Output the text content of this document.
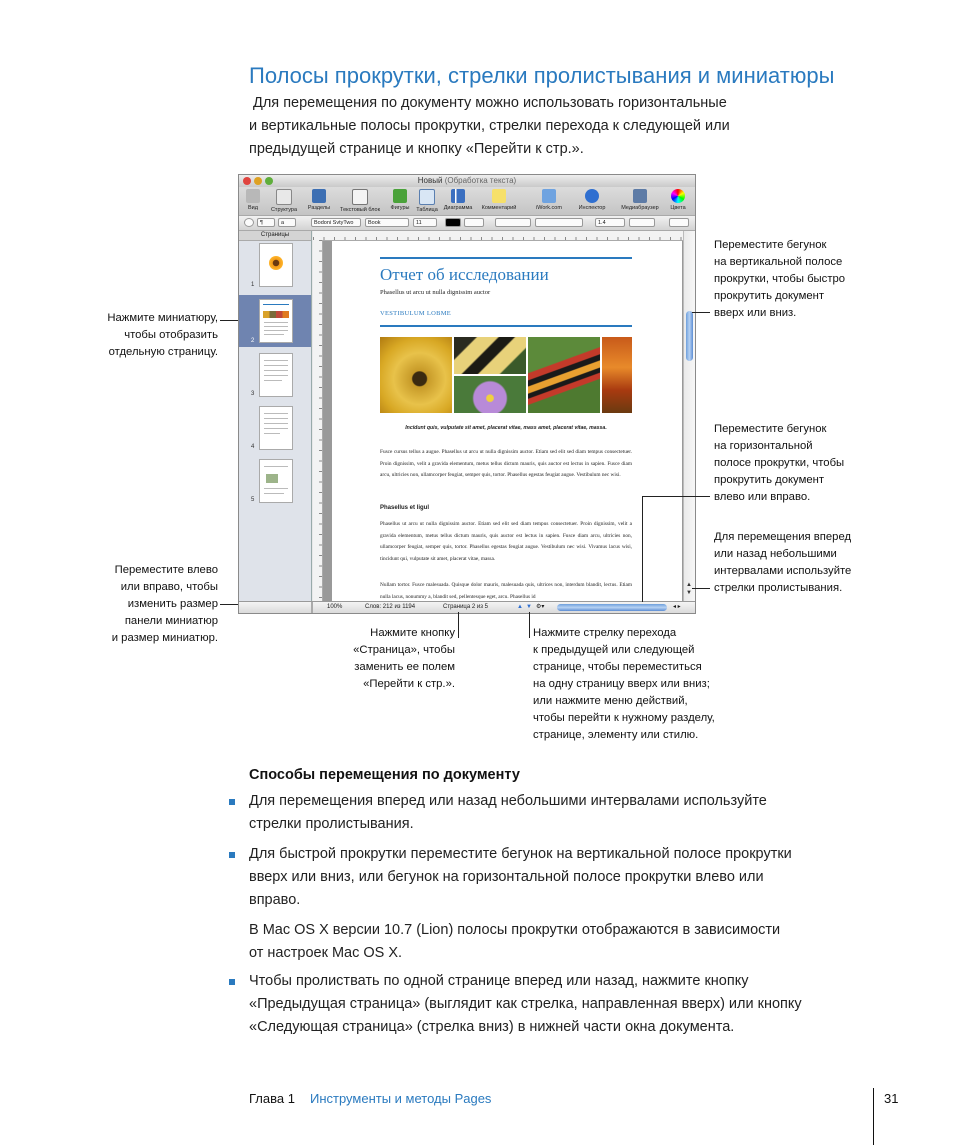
Полосы прокрутки, стрелки пролистывания и миниатюры

Для перемещения по документу можно использовать горизонтальные

и вертикальные полосы прокрутки, стрелки перехода к следующей или

предыдущей странице и кнопку «Перейти к стр.».

Новый (Обработка текста)
Вид	Структура	Разделы	Текстовый блок	Фигуры	Таблица	Диаграмма	Комментарий	iWork.com	Инспектор	Медиабраузер	Цвета
¶	a	Bodoni SvtyTwo	Book	11	1.4
Страницы
1
2
3
4
5
Отчет об исследовании
Phasellus ut arcu ut nulla dignissim auctor
VESTIBULUM LOBME
Incidunt quis, vulputate sit amet, placerat vitae, mass amet, placerat vitae, massa.
Fusce cursus tellus a augue. Phasellus ut arcu ut nulla dignissim auctor. Etiam sed elit sed diam tempus consectetuer. Proin dignissim, velit a gravida elementum, metus tellus dictum mauris, quis auctor est lectus in sapien. Fusce diam arcu, ultricies non, ullamcorper feugiat, semper quis, tortor. Phasellus egestas feugiat augue. Vestibulum nec wisi.
Phasellus et ligul
Phasellus ut arcu ut nulla dignissim auctor. Etiam sed elit sed diam tempus consectetuer. Proin dignissim, velit a gravida elementum, metus tellus dictum mauris, quis auctor est lectus in sapien. Fusce diam arcu, ultricies non, ullamcorper feugiat, semper quis, tortor. Phasellus egestas feugiat augue. Vestibulum nec wisi. Vivamus lacus wisi, tincidunt qui, vulputate sit amet, placerat vitae, massa.
Nullam tortor. Fusce malesuada. Quisque dolor mauris, malesuada quis, ultrices non, interdum blandit, lectus. Etiam nulla lacus, nonummy a, blandit sed, pellentesque eget, arcu. Phasellus id
▲
▼
100%	Слов: 212 из 1194	Страница 2 из 5	▲ ▼ ⚙▾	◂ ▸

Нажмите миниатюру,

чтобы отобразить

отдельную страницу.

Переместите влево

или вправо, чтобы

изменить размер

панели миниатюр

и размер миниатюр.	Нажмите кнопку

«Страница», чтобы

заменить ее полем

«Перейти к стр.».

Нажмите стрелку перехода

к предыдущей или следующей

странице, чтобы переместиться

на одну страницу вверх или вниз;

или нажмите меню действий,

чтобы перейти к нужному разделу,

странице, элементу или стилю.

Переместите бегунок

на вертикальной полосе

прокрутки, чтобы быстро

прокрутить документ

вверх или вниз.

Переместите бегунок

на горизонтальной

полосе прокрутки, чтобы

прокрутить документ

влево или вправо.

Для перемещения вперед

или назад небольшими

интервалами используйте

стрелки пролистывания.

Способы перемещения по документу

Для перемещения вперед или назад небольшими интервалами используйте

стрелки пролистывания.

Для быстрой прокрутки переместите бегунок на вертикальной полосе прокрутки

вверх или вниз, или бегунок на горизонтальной полосе прокрутки влево или

вправо.

В Mac OS X версии 10.7 (Lion) полосы прокрутки отображаются в зависимости

от настроек Mac OS X.

Чтобы пролиствать по одной странице вперед или назад, нажмите кнопку

«Предыдущая страница» (выглядит как стрелка, направленная вверх) или кнопку

«Следующая страница» (стрелка вниз) в нижней части окна документа.

Глава 1 Инструменты и методы Pages	31
